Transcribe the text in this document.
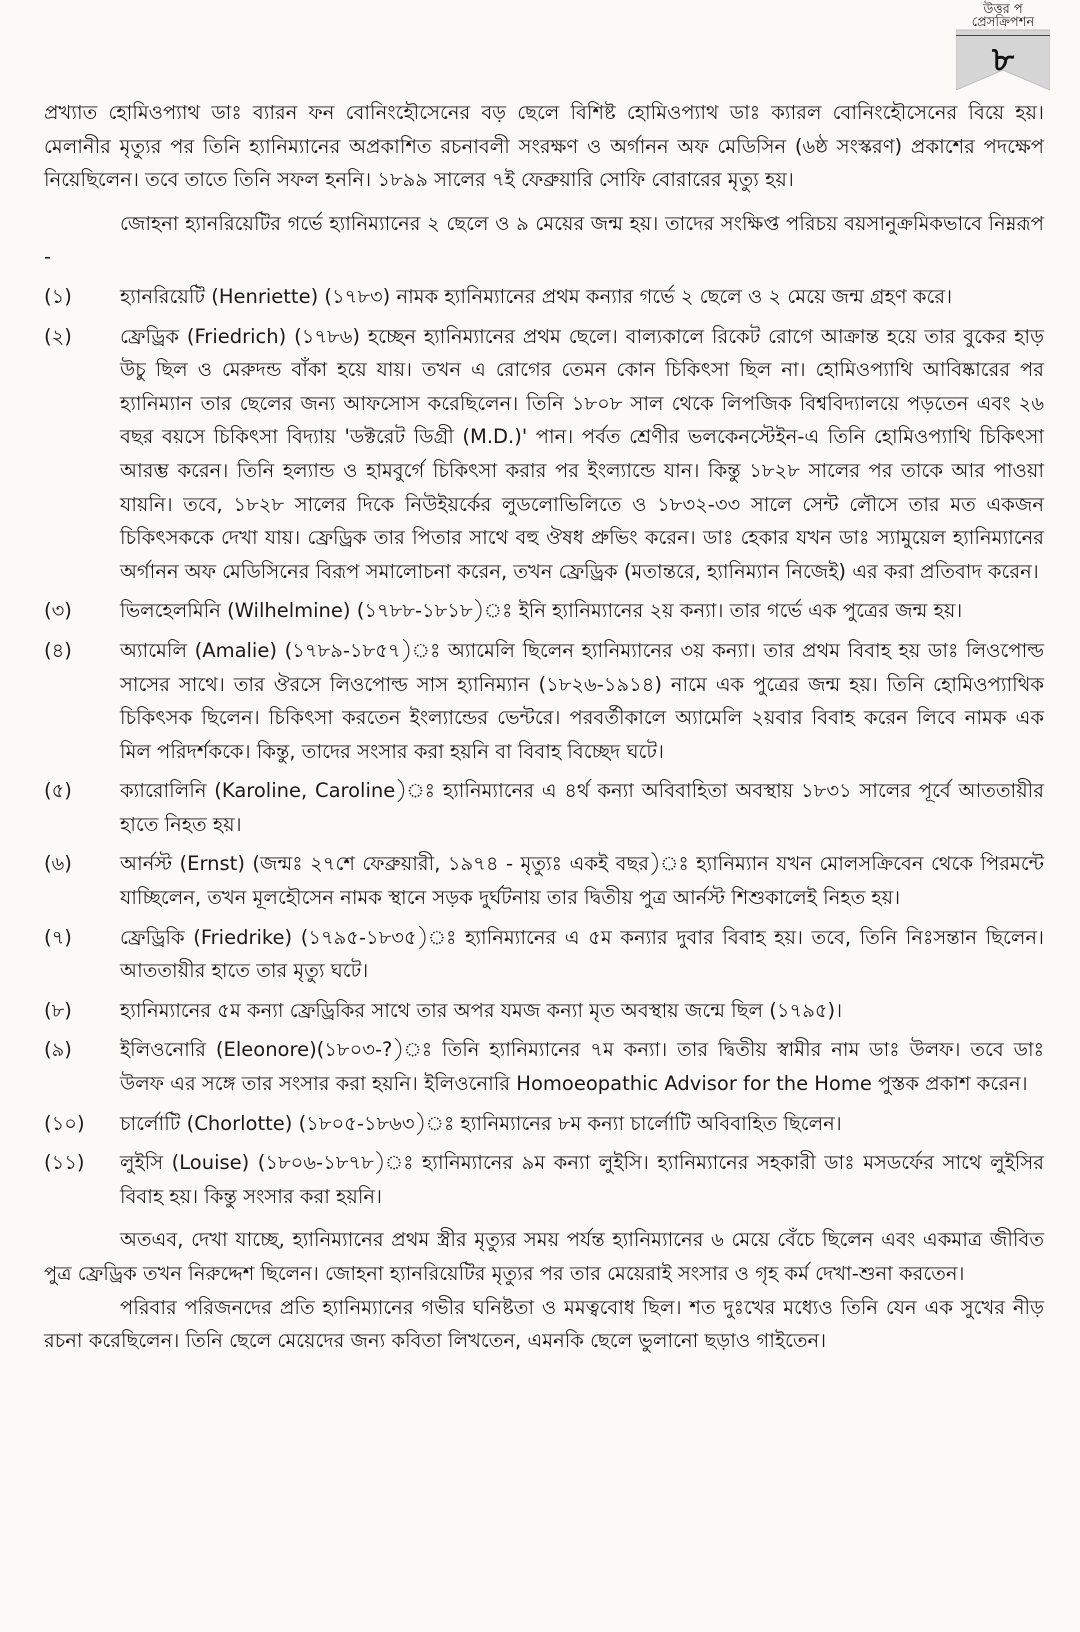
উত্তর প
প্রেসক্রিপশন
৮

প্রখ্যাত হোমিওপ্যাথ ডাঃ ব্যারন ফন বোনিংহৌসেনের বড় ছেলে বিশিষ্ট হোমিওপ্যাথ ডাঃ ক্যারল বোনিংহৌসেনের বিয়ে হয়। মেলানীর মৃত্যুর পর তিনি হ্যানিম্যানের অপ্রকাশিত রচনাবলী সংরক্ষণ ও অর্গানন অফ মেডিসিন (৬ষ্ঠ সংস্করণ) প্রকাশের পদক্ষেপ নিয়েছিলেন। তবে তাতে তিনি সফল হননি। ১৮৯৯ সালের ৭ই ফেব্রুয়ারি সোফি বোরারের মৃত্যু হয়।

জোহনা হ্যানরিয়েটির গর্ভে হ্যানিম্যানের ২ ছেলে ও ৯ মেয়ের জন্ম হয়। তাদের সংক্ষিপ্ত পরিচয় বয়সানুক্রমিকভাবে নিম্নরূপ -

(১) হ্যানরিয়েটি (Henriette) (১৭৮৩) নামক হ্যানিম্যানের প্রথম কন্যার গর্ভে ২ ছেলে ও ২ মেয়ে জন্ম গ্রহণ করে।
(২) ফ্রেড্রিক (Friedrich) (১৭৮৬) হচ্ছেন হ্যানিম্যানের প্রথম ছেলে। বাল্যকালে রিকেট রোগে আক্রান্ত হয়ে তার বুকের হাড় উচু ছিল ও মেরুদন্ড বাঁকা হয়ে যায়। তখন এ রোগের তেমন কোন চিকিৎসা ছিল না। হোমিওপ্যাথি আবিষ্কারের পর হ্যানিম্যান তার ছেলের জন্য আফসোস করেছিলেন। তিনি ১৮০৮ সাল থেকে লিপজিক বিশ্ববিদ্যালয়ে পড়তেন এবং ২৬ বছর বয়সে চিকিৎসা বিদ্যায় 'ডক্টরেট ডিগ্রী (M.D.)' পান। পর্বত শ্রেণীর ভলকেনস্টেইন-এ তিনি হোমিওপ্যাথি চিকিৎসা আরম্ভ করেন। তিনি হল্যান্ড ও হামবুর্গে চিকিৎসা করার পর ইংল্যান্ডে যান। কিন্তু ১৮২৮ সালের পর তাকে আর পাওয়া যায়নি। তবে, ১৮২৮ সালের দিকে নিউইয়র্কের লুডলোভিলিতে ও ১৮৩২-৩৩ সালে সেন্ট লৌসে তার মত একজন চিকিৎসককে দেখা যায়। ফ্রেড্রিক তার পিতার সাথে বহু ঔষধ প্রুভিং করেন। ডাঃ হেকার যখন ডাঃ স্যামুয়েল হ্যানিম্যানের অর্গানন অফ মেডিসিনের বিরূপ সমালোচনা করেন, তখন ফ্রেড্রিক (মতান্তরে, হ্যানিম্যান নিজেই) এর করা প্রতিবাদ করেন।
(৩) ভিলহেলমিনি (Wilhelmine) (১৭৮৮-১৮১৮)ঃ ইনি হ্যানিম্যানের ২য় কন্যা। তার গর্ভে এক পুত্রের জন্ম হয়।
(৪) অ্যামেলি (Amalie) (১৭৮৯-১৮৫৭)ঃ অ্যামেলি ছিলেন হ্যানিম্যানের ৩য় কন্যা। তার প্রথম বিবাহ হয় ডাঃ লিওপোল্ড সাসের সাথে। তার ঔরসে লিওপোল্ড সাস হ্যানিম্যান (১৮২৬-১৯১৪) নামে এক পুত্রের জন্ম হয়। তিনি হোমিওপ্যাথিক চিকিৎসক ছিলেন। চিকিৎসা করতেন ইংল্যান্ডের ভেন্টরে। পরবর্তীকালে অ্যামেলি ২য়বার বিবাহ করেন লিবে নামক এক মিল পরিদর্শককে। কিন্তু, তাদের সংসার করা হয়নি বা বিবাহ বিচ্ছেদ ঘটে।
(৫) ক্যারোলিনি (Karoline, Caroline)ঃ হ্যানিম্যানের এ ৪র্থ কন্যা অবিবাহিতা অবস্থায় ১৮৩১ সালের পূর্বে আততায়ীর হাতে নিহত হয়।
(৬) আর্নস্ট (Ernst) (জন্মঃ ২৭শে ফেব্রুয়ারী, ১৯৭৪ - মৃত্যুঃ একই বছর)ঃ হ্যানিম্যান যখন মোলসক্রিবেন থেকে পিরমন্টে যাচ্ছিলেন, তখন মূলহৌসেন নামক স্থানে সড়ক দুর্ঘটনায় তার দ্বিতীয় পুত্র আর্নস্ট শিশুকালেই নিহত হয়।
(৭) ফ্রেড্রিকি (Friedrike) (১৭৯৫-১৮৩৫)ঃ হ্যানিম্যানের এ ৫ম কন্যার দুবার বিবাহ হয়। তবে, তিনি নিঃসন্তান ছিলেন। আততায়ীর হাতে তার মৃত্যু ঘটে।
(৮) হ্যানিম্যানের ৫ম কন্যা ফ্রেড্রিকির সাথে তার অপর যমজ কন্যা মৃত অবস্থায় জন্মে ছিল (১৭৯৫)।
(৯) ইলিওনোরি (Eleonore)(১৮০৩-?)ঃ তিনি হ্যানিম্যানের ৭ম কন্যা। তার দ্বিতীয় স্বামীর নাম ডাঃ উলফ। তবে ডাঃ উলফ এর সঙ্গে তার সংসার করা হয়নি। ইলিওনোরি Homoeopathic Advisor for the Home পুস্তক প্রকাশ করেন।
(১০) চার্লোটি (Chorlotte) (১৮০৫-১৮৬৩)ঃ হ্যানিম্যানের ৮ম কন্যা চার্লোটি অবিবাহিত ছিলেন।
(১১) লুইসি (Louise) (১৮০৬-১৮৭৮)ঃ হ্যানিম্যানের ৯ম কন্যা লুইসি। হ্যানিম্যানের সহকারী ডাঃ মসডর্ফের সাথে লুইসির বিবাহ হয়। কিন্তু সংসার করা হয়নি।

অতএব, দেখা যাচ্ছে, হ্যানিম্যানের প্রথম স্ত্রীর মৃত্যুর সময় পর্যন্ত হ্যানিম্যানের ৬ মেয়ে বেঁচে ছিলেন এবং একমাত্র জীবিত পুত্র ফ্রেড্রিক তখন নিরুদ্দেশ ছিলেন। জোহনা হ্যানরিয়েটির মৃত্যুর পর তার মেয়েরাই সংসার ও গৃহ কর্ম দেখা-শুনা করতেন।

পরিবার পরিজনদের প্রতি হ্যানিম্যানের গভীর ঘনিষ্টতা ও মমত্ববোধ ছিল। শত দুঃখের মধ্যেও তিনি যেন এক সুখের নীড় রচনা করেছিলেন। তিনি ছেলে মেয়েদের জন্য কবিতা লিখতেন, এমনকি ছেলে ভুলানো ছড়াও গাইতেন।
